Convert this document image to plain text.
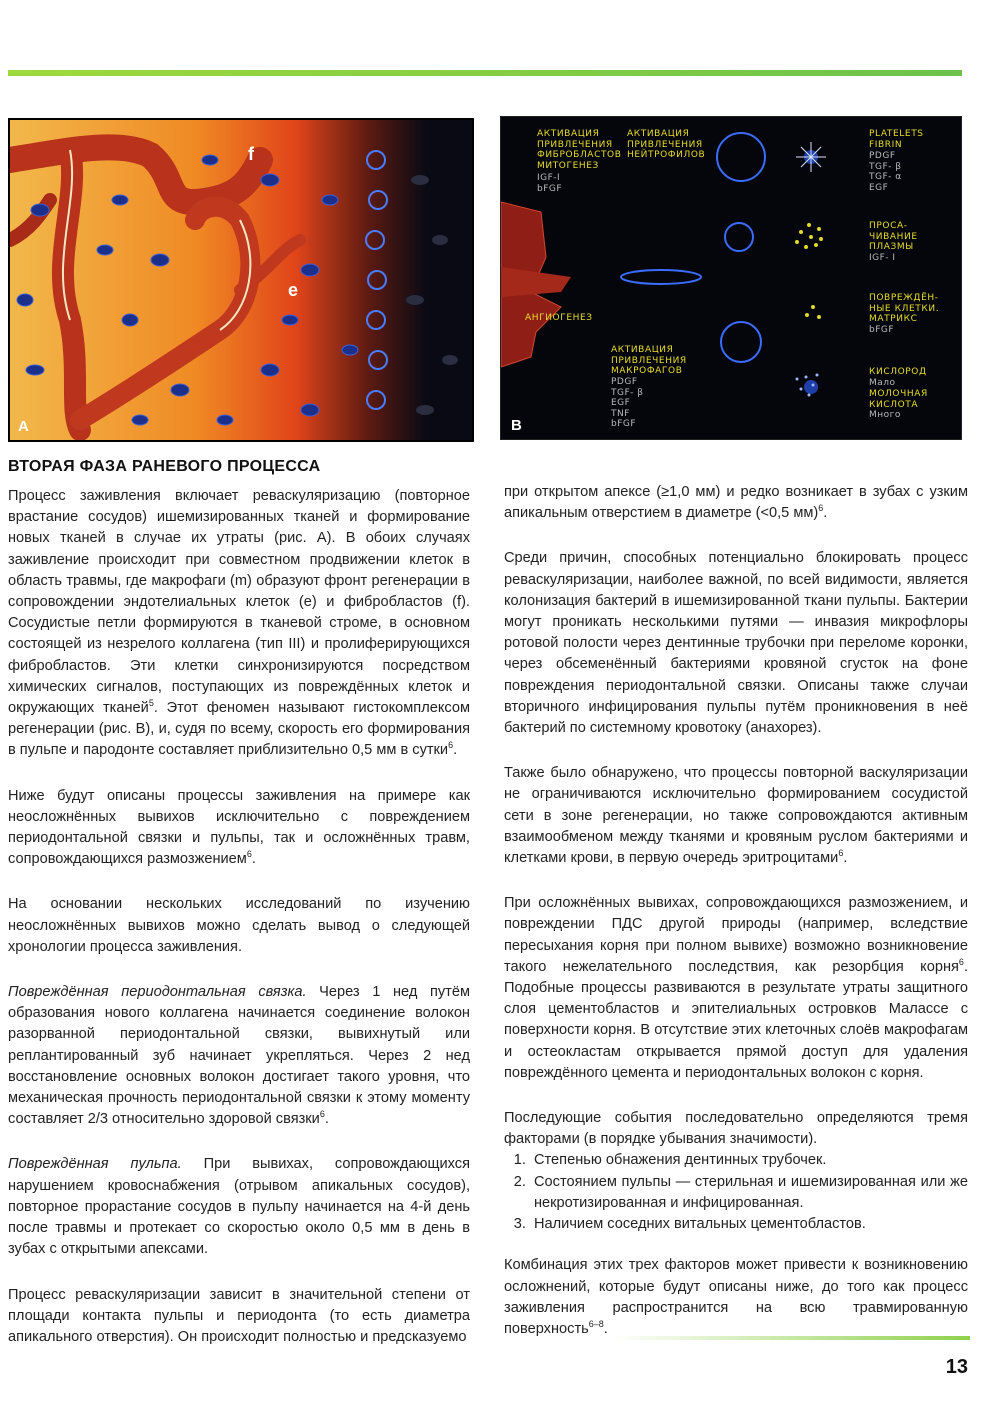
f
e
A
АКТИВАЦИЯ
ПРИВЛЕЧЕНИЯ
ФИБРОБЛАСТОВ
МИТОГЕНЕЗ
IGF-I
bFGF
АКТИВАЦИЯ
ПРИВЛЕЧЕНИЯ
НЕЙТРОФИЛОВ
PLATELETS
FIBRIN
PDGF
TGF- β
TGF- α
EGF
ПРОСА-
ЧИВАНИЕ
ПЛАЗМЫ
IGF- I
АНГИОГЕНЕЗ
ПОВРЕЖДЁН-
НЫЕ КЛЕТКИ.
МАТРИКС
bFGF
АКТИВАЦИЯ
ПРИВЛЕЧЕНИЯ
МАКРОФАГОВ
PDGF
TGF- β
EGF
TNF
bFGF
КИСЛОРОД
Мало
МОЛОЧНАЯ
КИСЛОТА
Много
B
ВТОРАЯ ФАЗА РАНЕВОГО ПРОЦЕССА

Процесс заживления включает реваскуляризацию (повторное врастание сосудов) ишемизированных тканей и формирование новых тканей в случае их утраты (рис. А). В обоих случаях заживление происходит при совместном продвижении клеток в область травмы, где макрофаги (m) образуют фронт регенерации в сопровождении эндотелиальных клеток (e) и фибробластов (f). Сосудистые петли формируются в тканевой строме, в основном состоящей из незрелого коллагена (тип III) и пролиферирующихся фибробластов. Эти клетки синхронизируются посредством химических сигналов, поступающих из повреждённых клеток и окружающих тканей$^5$. Этот феномен называют гистокомплексом регенерации (рис. В), и, судя по всему, скорость его формирования в пульпе и пародонте составляет приблизительно 0,5 мм в сутки$^6$.

Ниже будут описаны процессы заживления на примере как неосложнённых вывихов исключительно с повреждением периодонтальной связки и пульпы, так и осложнённых травм, сопровождающихся размозжением$^6$.

На основании нескольких исследований по изучению неосложнённых вывихов можно сделать вывод о следующей хронологии процесса заживления.

Повреждённая периодонтальная связка. Через 1 нед путём образования нового коллагена начинается соединение волокон разорванной периодонтальной связки, вывихнутый или реплантированный зуб начинает укрепляться. Через 2 нед восстановление основных волокон достигает такого уровня, что механическая прочность периодонтальной связки к этому моменту составляет 2/3 относительно здоровой связки$^6$.

Повреждённая пульпа. При вывихах, сопровождающихся нарушением кровоснабжения (отрывом апикальных сосудов), повторное прорастание сосудов в пульпу начинается на 4-й день после травмы и протекает со скоростью около 0,5 мм в день в зубах с открытыми апексами.

Процесс реваскуляризации зависит в значительной степени от площади контакта пульпы и периодонта (то есть диаметра апикального отверстия). Он происходит полностью и предсказуемо

при открытом апексе (≥1,0 мм) и редко возникает в зубах с узким апикальным отверстием в диаметре (<0,5 мм)$^6$.

Среди причин, способных потенциально блокировать процесс реваскуляризации, наиболее важной, по всей видимости, является колонизация бактерий в ишемизированной ткани пульпы. Бактерии могут проникать несколькими путями — инвазия микрофлоры ротовой полости через дентинные трубочки при переломе коронки, через обсеменённый бактериями кровяной сгусток на фоне повреждения периодонтальной связки. Описаны также случаи вторичного инфицирования пульпы путём проникновения в неё бактерий по системному кровотоку (анахорез).

Также было обнаружено, что процессы повторной васкуляризации не ограничиваются исключительно формированием сосудистой сети в зоне регенерации, но также сопровождаются активным взаимообменом между тканями и кровяным руслом бактериями и клетками крови, в первую очередь эритроцитами$^6$.

При осложнённых вывихах, сопровождающихся размозжением, и повреждении ПДС другой природы (например, вследствие пересыхания корня при полном вывихе) возможно возникновение такого нежелательного последствия, как резорбция корня$^6$. Подобные процессы развиваются в результате утраты защитного слоя цементобластов и эпителиальных островков Малассе с поверхности корня. В отсутствие этих клеточных слоёв макрофагам и остеокластам открывается прямой доступ для удаления повреждённого цемента и периодонтальных волокон с корня.

Последующие события последовательно определяются тремя факторами (в порядке убывания значимости).

1. Степенью обнажения дентинных трубочек.
2. Состоянием пульпы — стерильная и ишемизированная или же некротизированная и инфицированная.
3. Наличием соседних витальных цементобластов.

Комбинация этих трех факторов может привести к возникновению осложнений, которые будут описаны ниже, до того как процесс заживления распространится на всю травмированную поверхность$^{6-8}$.

13
